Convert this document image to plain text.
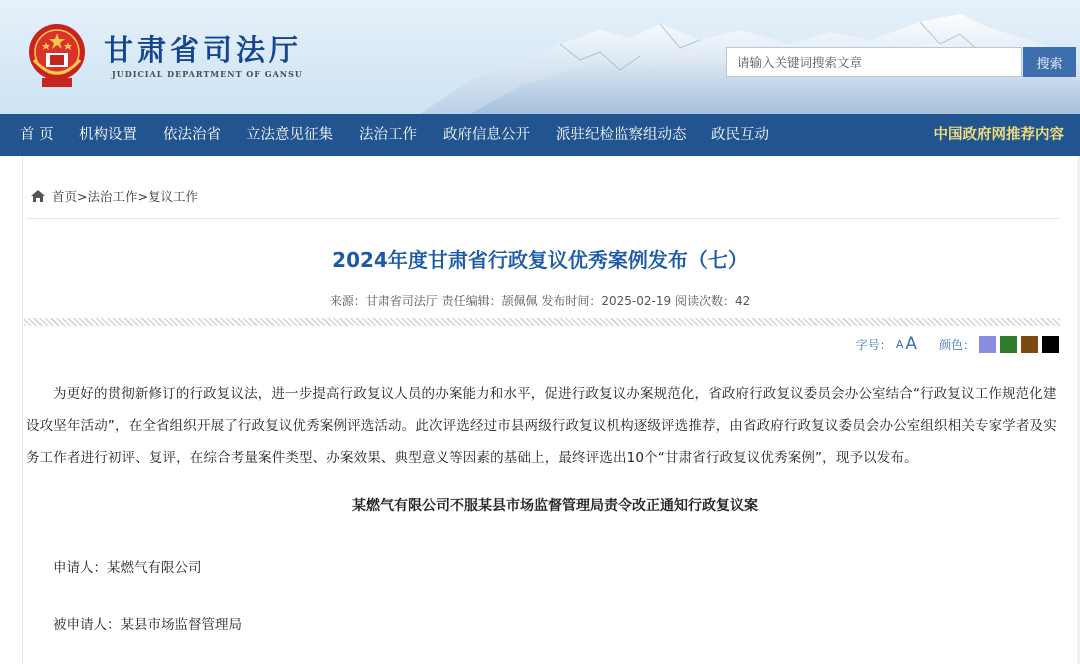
甘肃省司法厅
JUDICIAL DEPARTMENT OF GANSU
请输入关键词搜索文章
搜索
首 页 机构设置 依法治省 立法意见征集 法治工作 政府信息公开 派驻纪检监察组动态 政民互动	中国政府网推荐内容
首页 > 法治工作 > 复议工作
2024年度甘肃省行政复议优秀案例发布（七）
来源：甘肃省司法厅 责任编辑：颉佩佩 发布时间：2025-02-19 阅读次数：42
字号： A A 颜色：

为更好的贯彻新修订的行政复议法，进一步提高行政复议人员的办案能力和水平，促进行政复议办案规范化，省政府行政复议委员会办公室结合“行政复议工作规范化建设攻坚年活动”，在全省组织开展了行政复议优秀案例评选活动。此次评选经过市县两级行政复议机构逐级评选推荐，由省政府行政复议委员会办公室组织相关专家学者及实务工作者进行初评、复评，在综合考量案件类型、办案效果、典型意义等因素的基础上，最终评选出10个“甘肃省行政复议优秀案例”，现予以发布。

某燃气有限公司不服某县市场监督管理局责令改正通知行政复议案
申请人：某燃气有限公司
被申请人：某县市场监督管理局
